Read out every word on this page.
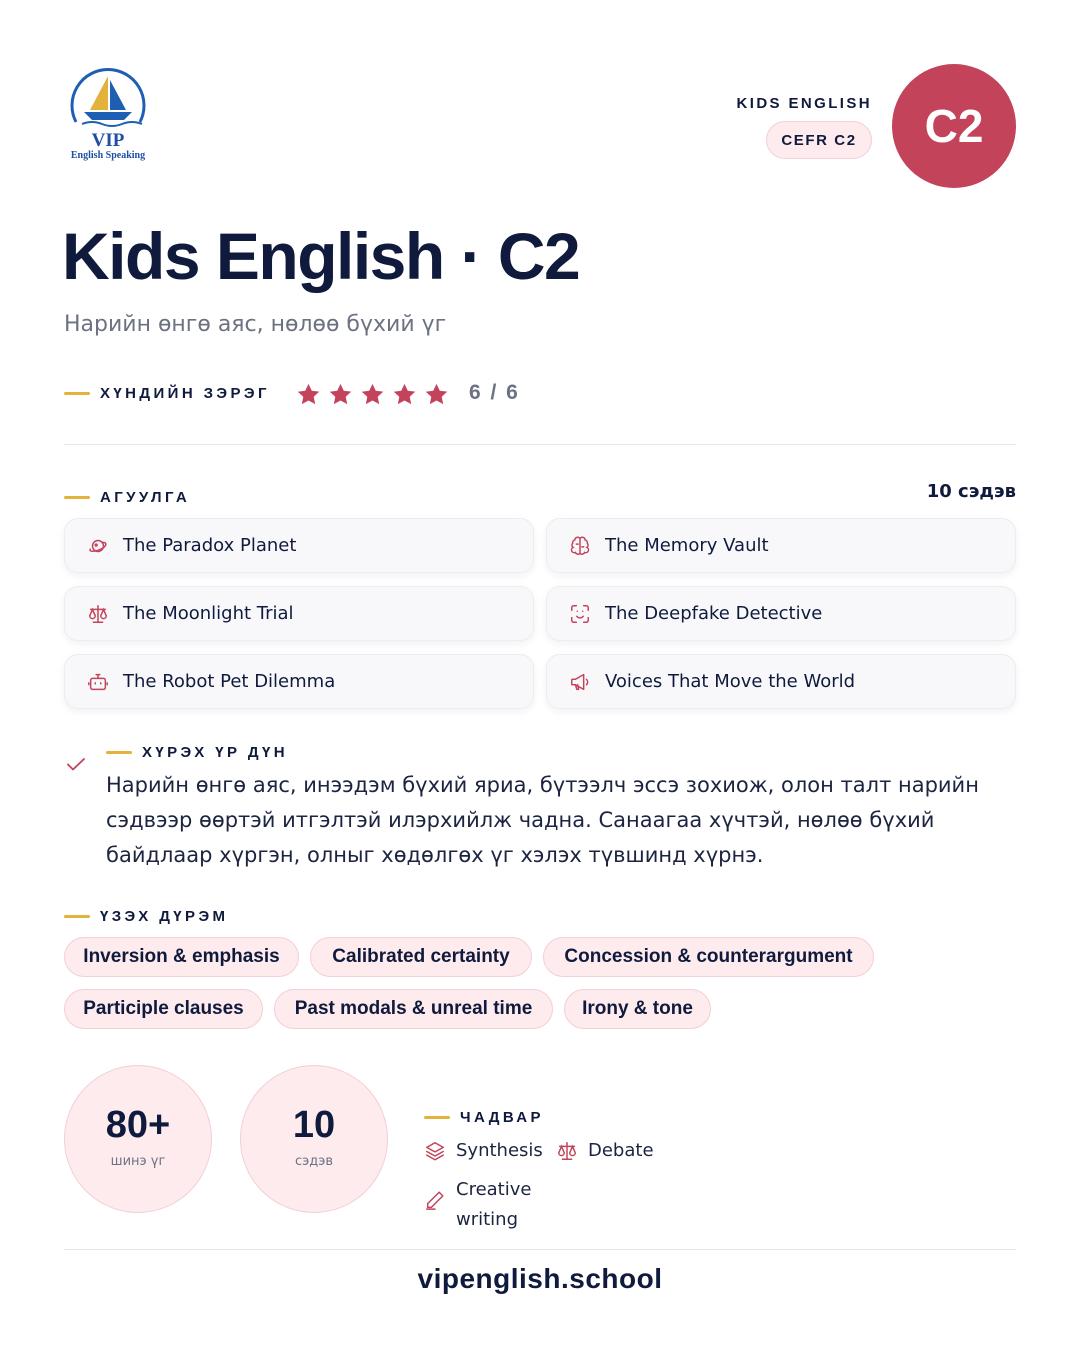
VIP
English Speaking
KIDS ENGLISH
CEFR C2	C2
Kids English · C2
Нарийн өнгө аяс, нөлөө бүхий үг
ХҮНДИЙН ЗЭРЭГ	6 / 6
АГУУЛГА	10 сэдэв
The Paradox Planet	The Memory Vault
The Moonlight Trial	The Deepfake Detective
The Robot Pet Dilemma	Voices That Move the World
ХҮРЭХ ҮР ДҮН

Нарийн өнгө аяс, инээдэм бүхий яриа, бүтээлч эссэ зохиож, олон талт нарийн сэдвээр өөртэй итгэлтэй илэрхийлж чадна. Санаагаа хүчтэй, нөлөө бүхий байдлаар хүргэн, олныг хөдөлгөх үг хэлэх түвшинд хүрнэ.

ҮЗЭХ ДҮРЭМ
Inversion & emphasis	Calibrated certainty	Concession & counterargument
Participle clauses	Past modals & unreal time	Irony & tone
80+
шинэ үг
10
сэдэв
ЧАДВАР
Synthesis	Debate
Creative writing
vipenglish.school
